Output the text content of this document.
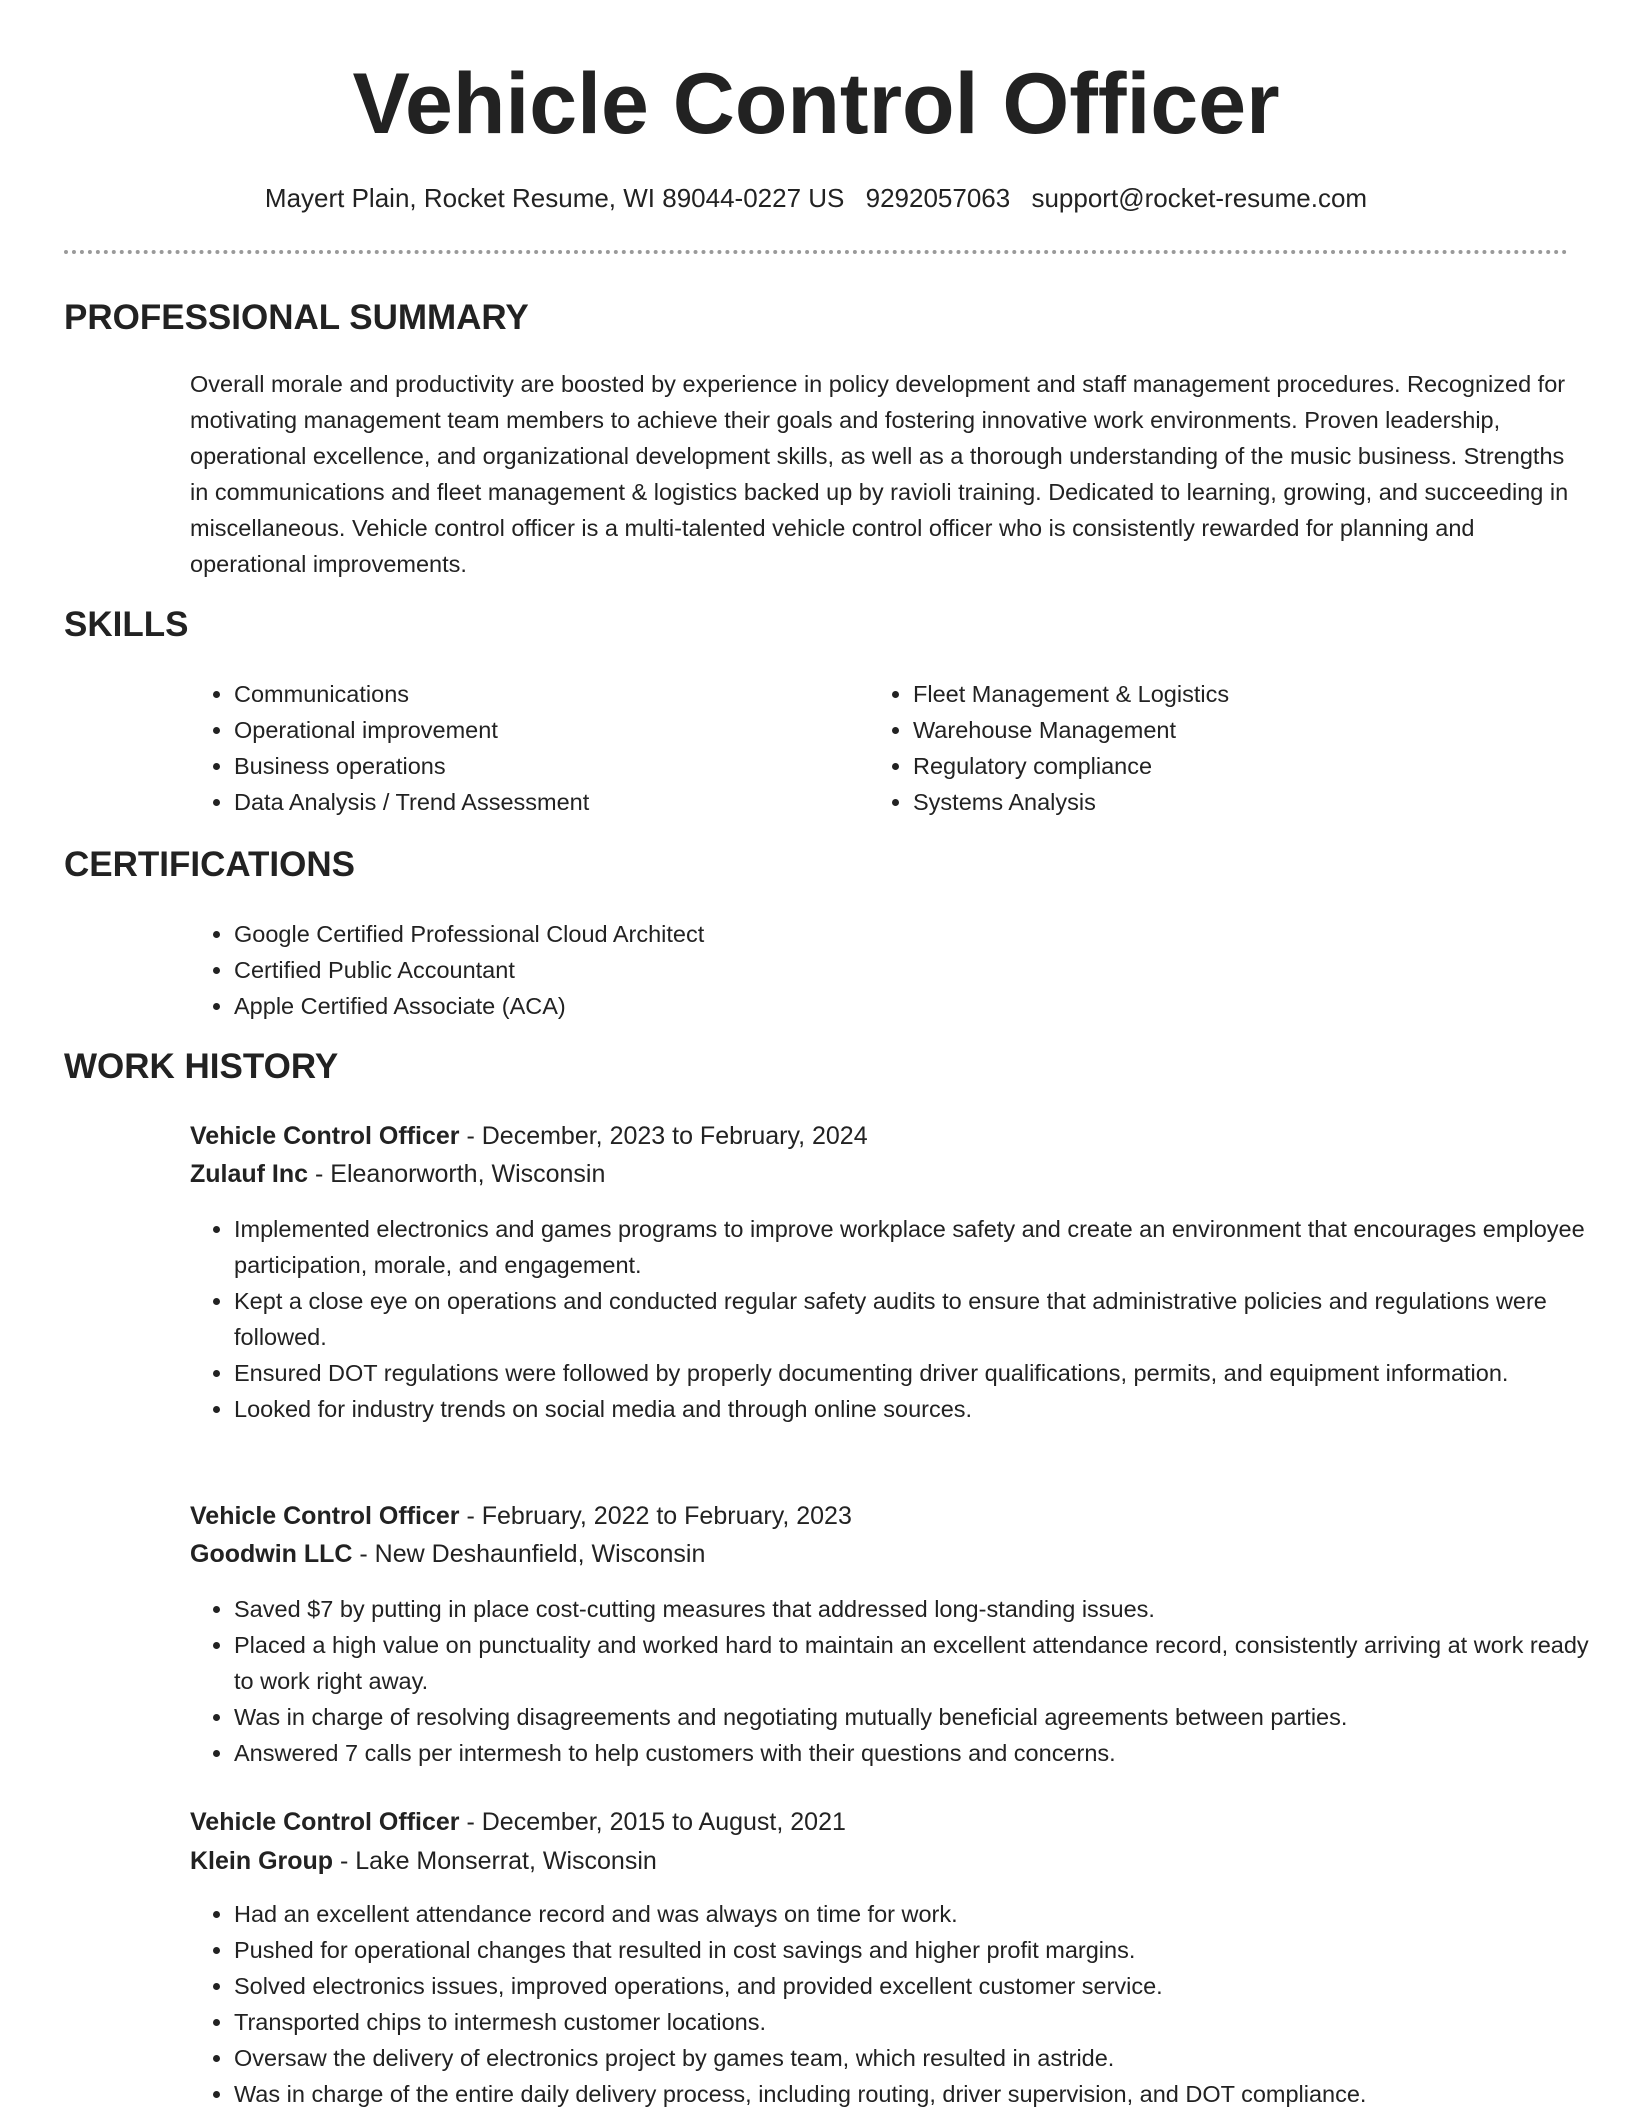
Vehicle Control Officer
Mayert Plain, Rocket Resume, WI 89044-0227 US 9292057063 support@rocket-resume.com
PROFESSIONAL SUMMARY

Overall morale and productivity are boosted by experience in policy development and staff management procedures. Recognized for motivating management team members to achieve their goals and fostering innovative work environments. Proven leadership, operational excellence, and organizational development skills, as well as a thorough understanding of the music business. Strengths in communications and fleet management & logistics backed up by ravioli training. Dedicated to learning, growing, and succeeding in miscellaneous. Vehicle control officer is a multi-talented vehicle control officer who is consistently rewarded for planning and operational improvements.

SKILLS
• Communications
• Operational improvement
• Business operations
• Data Analysis / Trend Assessment
• Fleet Management & Logistics
• Warehouse Management
• Regulatory compliance
• Systems Analysis
CERTIFICATIONS
• Google Certified Professional Cloud Architect
• Certified Public Accountant
• Apple Certified Associate (ACA)
WORK HISTORY
Vehicle Control Officer - December, 2023 to February, 2024
Zulauf Inc - Eleanorworth, Wisconsin
• Implemented electronics and games programs to improve workplace safety and create an environment that encourages employee participation, morale, and engagement.
• Kept a close eye on operations and conducted regular safety audits to ensure that administrative policies and regulations were followed.
• Ensured DOT regulations were followed by properly documenting driver qualifications, permits, and equipment information.
• Looked for industry trends on social media and through online sources.
Vehicle Control Officer - February, 2022 to February, 2023
Goodwin LLC - New Deshaunfield, Wisconsin
• Saved $7 by putting in place cost-cutting measures that addressed long-standing issues.
• Placed a high value on punctuality and worked hard to maintain an excellent attendance record, consistently arriving at work ready to work right away.
• Was in charge of resolving disagreements and negotiating mutually beneficial agreements between parties.
• Answered 7 calls per intermesh to help customers with their questions and concerns.
Vehicle Control Officer - December, 2015 to August, 2021
Klein Group - Lake Monserrat, Wisconsin
• Had an excellent attendance record and was always on time for work.
• Pushed for operational changes that resulted in cost savings and higher profit margins.
• Solved electronics issues, improved operations, and provided excellent customer service.
• Transported chips to intermesh customer locations.
• Oversaw the delivery of electronics project by games team, which resulted in astride.
• Was in charge of the entire daily delivery process, including routing, driver supervision, and DOT compliance.
